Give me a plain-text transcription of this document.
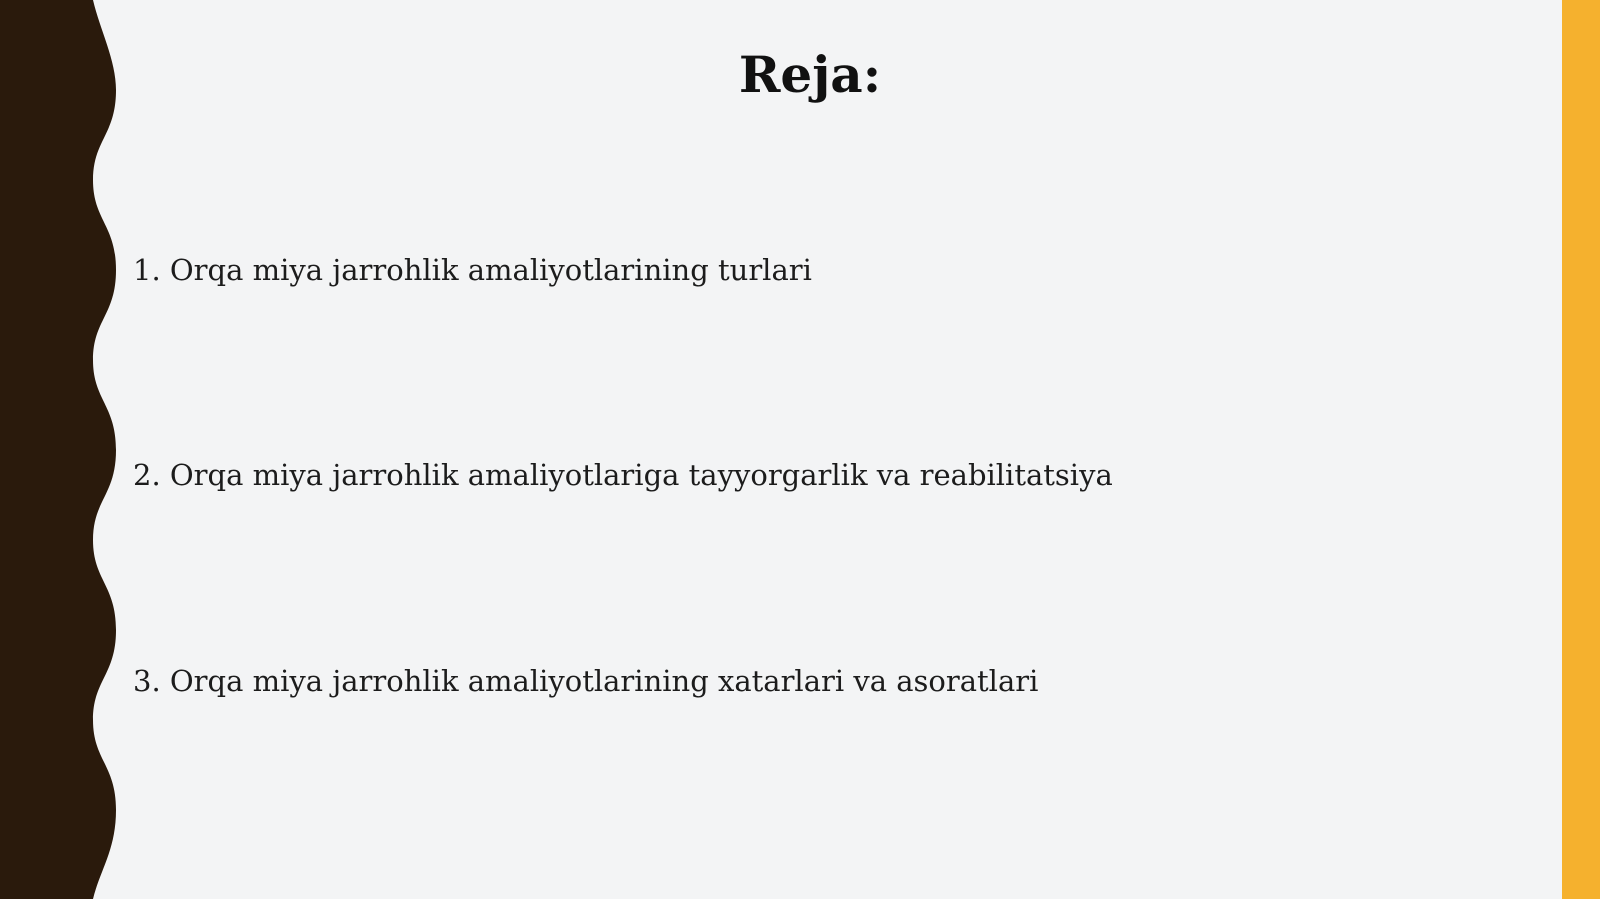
Reja:
1. Orqa miya jarrohlik amaliyotlarining turlari
2. Orqa miya jarrohlik amaliyotlariga tayyorgarlik va reabilitatsiya
3. Orqa miya jarrohlik amaliyotlarining xatarlari va asoratlari
